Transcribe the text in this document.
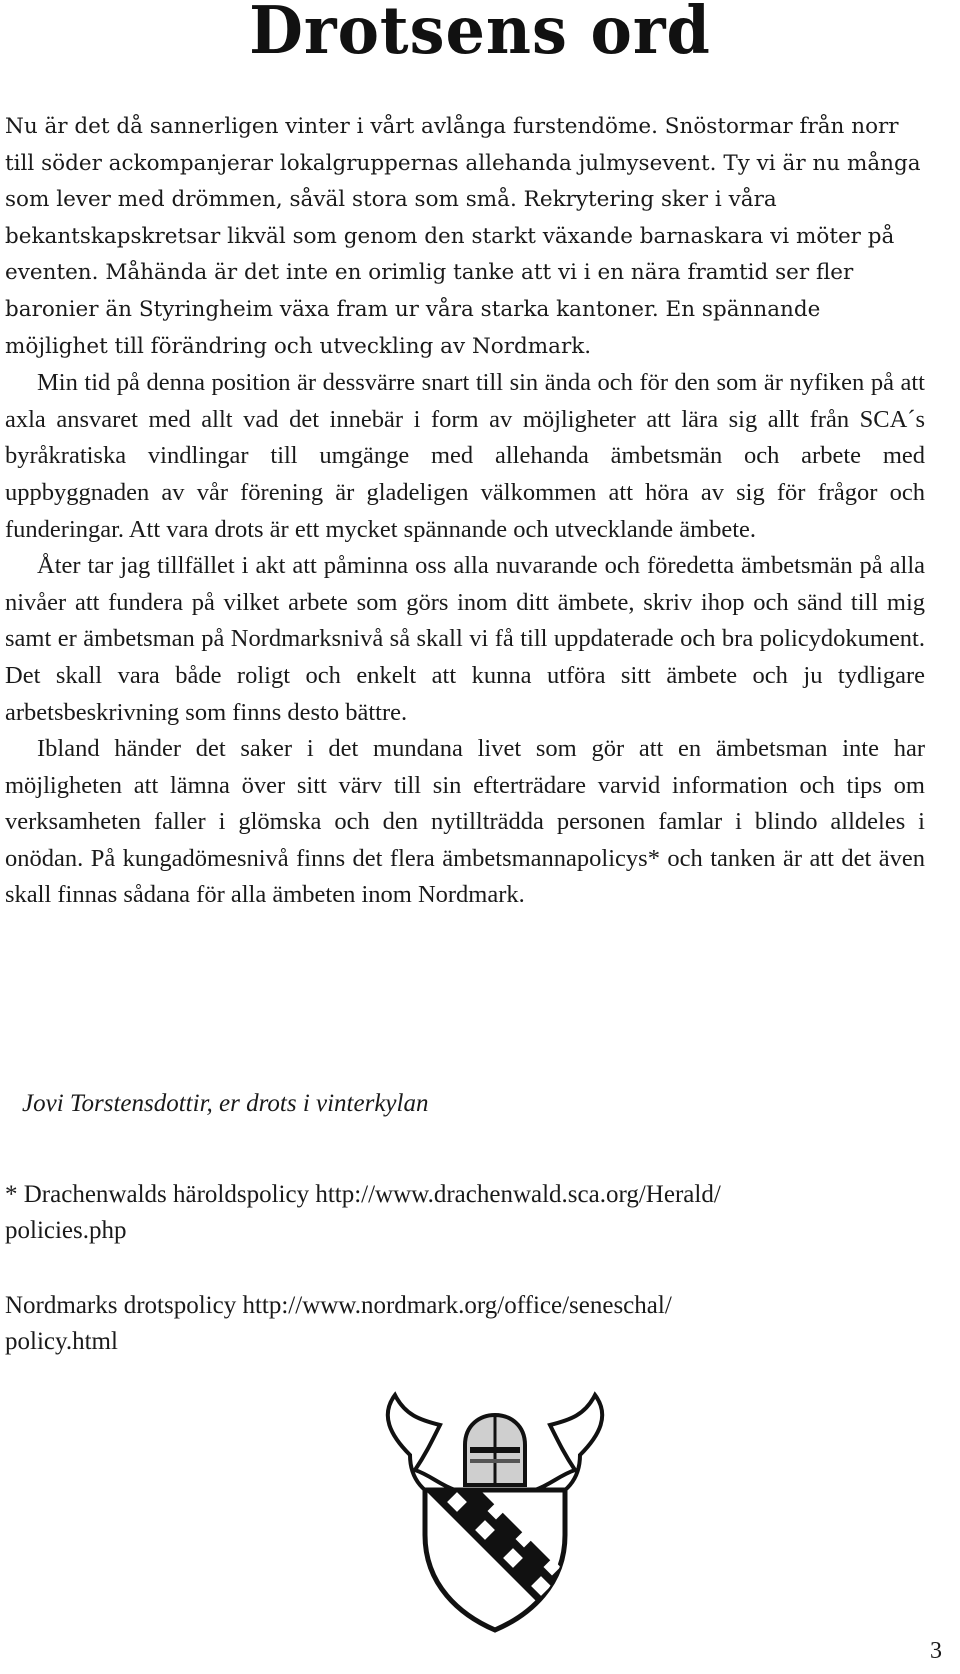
Drotsens ord

Nu är det då sannerligen vinter i vårt avlånga furstendöme. Snöstormar från norr till söder ackompanjerar lokalgruppernas allehanda julmysevent. Ty vi är nu många som lever med drömmen, såväl stora som små. Rekrytering sker i våra bekantskapskretsar likväl som genom den starkt växande barnaskara vi möter på eventen. Måhända är det inte en orimlig tanke att vi i en nära framtid ser fler baronier än Styringheim växa fram ur våra starka kantoner. En spännande möjlighet till förändring och utveckling av Nordmark.

Min tid på denna position är dessvärre snart till sin ända och för den som är nyfiken på att axla ansvaret med allt vad det innebär i form av möjligheter att lära sig allt från SCA´s byråkratiska vindlingar till umgänge med allehanda ämbetsmän och arbete med uppbyggnaden av vår förening är gladeligen välkommen att höra av sig för frågor och funderingar. Att vara drots är ett mycket spännande och utvecklande ämbete.

Åter tar jag tillfället i akt att påminna oss alla nuvarande och föredetta ämbetsmän på alla nivåer att fundera på vilket arbete som görs inom ditt ämbete, skriv ihop och sänd till mig samt er ämbetsman på Nordmarksnivå så skall vi få till uppdaterade och bra policydokument. Det skall vara både roligt och enkelt att kunna utföra sitt ämbete och ju tydligare arbetsbeskrivning som finns desto bättre.

Ibland händer det saker i det mundana livet som gör att en ämbetsman inte har möjligheten att lämna över sitt värv till sin efterträdare varvid information och tips om verksamheten faller i glömska och den nytillträdda personen famlar i blindo alldeles i onödan. På kungadömesnivå finns det flera ämbetsmannapolicys* och tanken är att det även skall finnas sådana för alla ämbeten inom Nordmark.

Jovi Torstensdottir, er drots i vinterkylan
* Drachenwalds häroldspolicy http://www.drachenwald.sca.org/Herald/ policies.php
Nordmarks drotspolicy http://www.nordmark.org/office/seneschal/ policy.html
3
